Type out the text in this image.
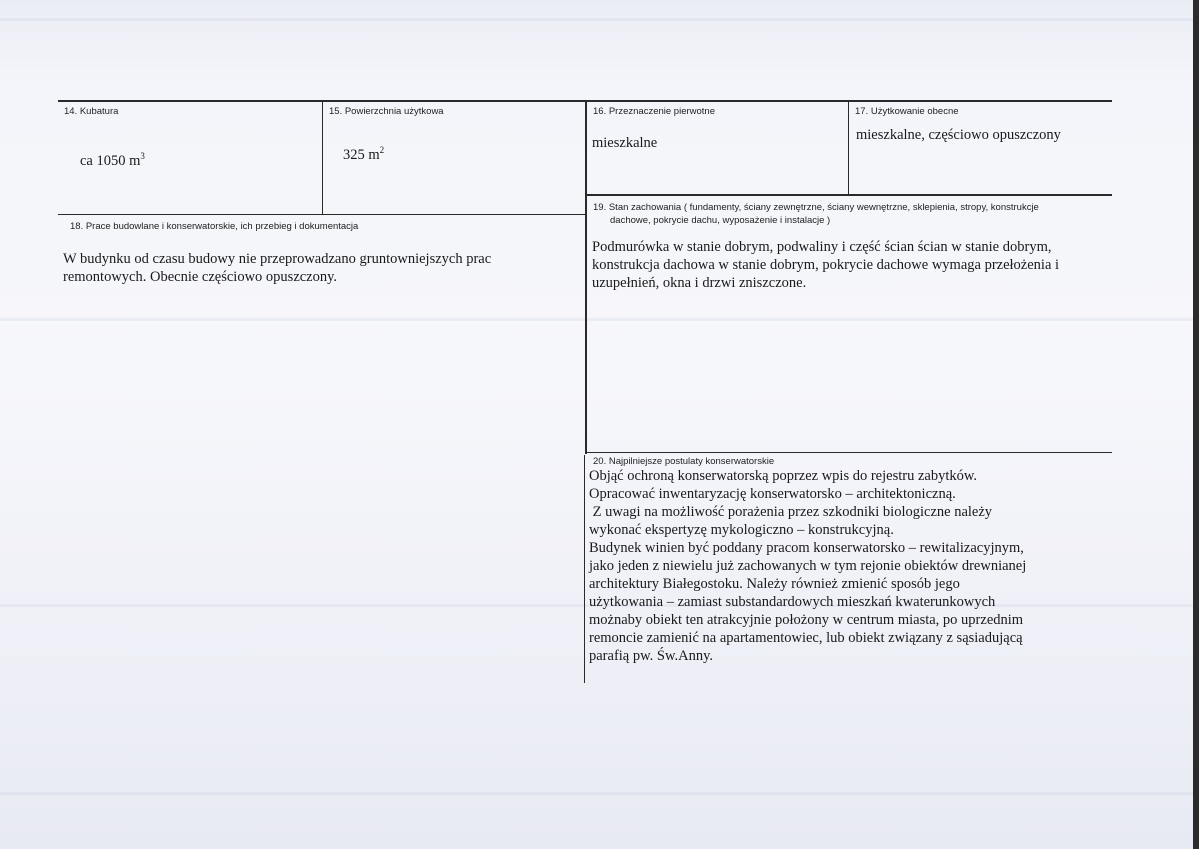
14. Kubatura
ca 1050 $m^3$
15. Powierzchnia użytkowa
325 $m^2$
16. Przeznaczenie pierwotne
mieszkalne
17. Użytkowanie obecne
mieszkalne, częściowo opuszczony
18. Prace budowlane i konserwatorskie, ich przebieg i dokumentacja
W budynku od czasu budowy nie przeprowadzano gruntowniejszych prac
remontowych. Obecnie częściowo opuszczony.
19. Stan zachowania ( fundamenty, ściany zewnętrzne, ściany wewnętrzne, sklepienia, stropy, konstrukcje
dachowe, pokrycie dachu, wyposażenie i instalacje )
Podmurówka w stanie dobrym, podwaliny i część ścian ścian w stanie dobrym,
konstrukcja dachowa w stanie dobrym, pokrycie dachowe wymaga przełożenia i
uzupełnień, okna i drzwi zniszczone.
20. Najpilniejsze postulaty konserwatorskie
Objąć ochroną konserwatorską poprzez wpis do rejestru zabytków.
Opracować inwentaryzację konserwatorsko – architektoniczną.
Z uwagi na możliwość porażenia przez szkodniki biologiczne należy
wykonać ekspertyzę mykologiczno – konstrukcyjną.
Budynek winien być poddany pracom konserwatorsko – rewitalizacyjnym,
jako jeden z niewielu już zachowanych w tym rejonie obiektów drewnianej
architektury Białegostoku. Należy również zmienić sposób jego
użytkowania – zamiast substandardowych mieszkań kwaterunkowych
możnaby obiekt ten atrakcyjnie położony w centrum miasta, po uprzednim
remoncie zamienić na apartamentowiec, lub obiekt związany z sąsiadującą
parafią pw. Św.Anny.
